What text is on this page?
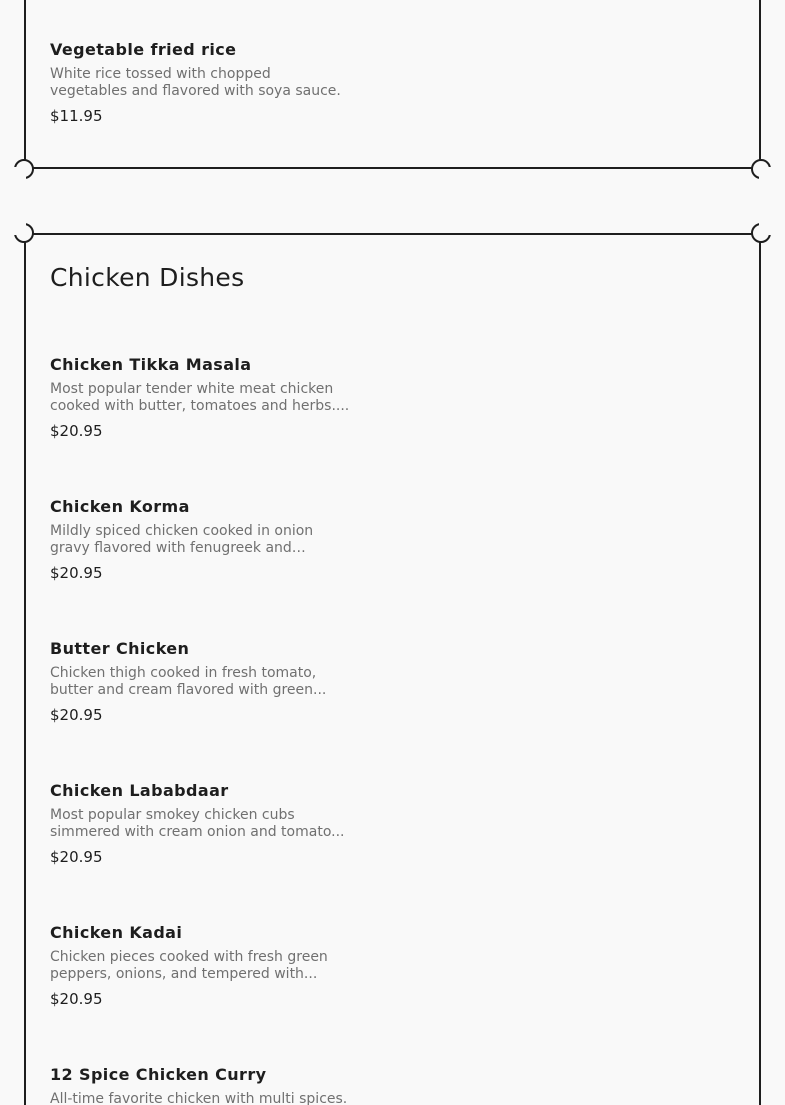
Vegetable fried rice
White rice tossed with chopped vegetables and flavored with soya sauce.
$11.95
Chicken Dishes
Chicken Tikka Masala
Most popular tender white meat chicken cooked with butter, tomatoes and herbs....
$20.95
Chicken Korma
Mildly spiced chicken cooked in onion gravy flavored with fenugreek and
$20.95
Butter Chicken
Chicken thigh cooked in fresh tomato, butter and cream flavored with green...
$20.95
Chicken Lababdaar
Most popular smokey chicken cubs simmered with cream onion and tomato...
$20.95
Chicken Kadai
Chicken pieces cooked with fresh green peppers, onions, and tempered with...
$20.95
12 Spice Chicken Curry
All-time favorite chicken with multi spices.
